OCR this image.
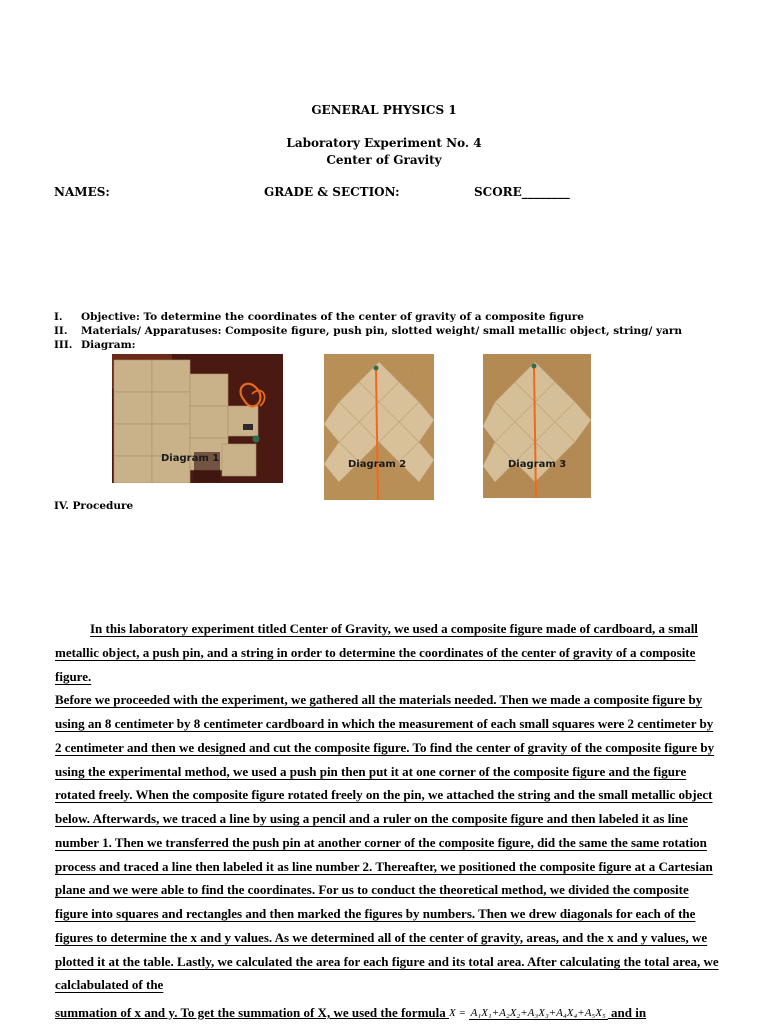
GENERAL PHYSICS 1
Laboratory Experiment No. 4
Center of Gravity
NAMES:	GRADE & SECTION:	SCORE________
I. Objective: To determine the coordinates of the center of gravity of a composite figure
II. Materials/ Apparatuses: Composite figure, push pin, slotted weight/ small metallic object, string/ yarn
III. Diagram:
Diagram 1
Diagram 2	Diagram 3
IV. Procedure

In this laboratory experiment titled Center of Gravity, we used a composite figure made of cardboard, a small metallic object, a push pin, and a string in order to determine the coordinates of the center of gravity of a composite figure.

Before we proceeded with the experiment, we gathered all the materials needed. Then we made a composite figure by using an 8 centimeter by 8 centimeter cardboard in which the measurement of each small squares were 2 centimeter by 2 centimeter and then we designed and cut the composite figure. To find the center of gravity of the composite figure by using the experimental method, we used a push pin then put it at one corner of the composite figure and the figure rotated freely. When the composite figure rotated freely on the pin, we attached the string and the small metallic object below. Afterwards, we traced a line by using a pencil and a ruler on the composite figure and then labeled it as line number 1. Then we transferred the push pin at another corner of the composite figure, did the same the same rotation process and traced a line then labeled it as line number 2. Thereafter, we positioned the composite figure at a Cartesian plane and we were able to find the coordinates. For us to conduct the theoretical method, we divided the composite figure into squares and rectangles and then marked the figures by numbers. Then we drew diagonals for each of the figures to determine the x and y values. As we determined all of the center of gravity, areas, and the x and y values, we plotted it at the table. Lastly, we calculated the area for each figure and its total area. After calculating the total area, we calclabulated of the

summation of x and y. To get the summation of X, we used the formula X = A₁X₁+A₂X₂+A₃X₃+A₄X₄+A₅X₅ and in
